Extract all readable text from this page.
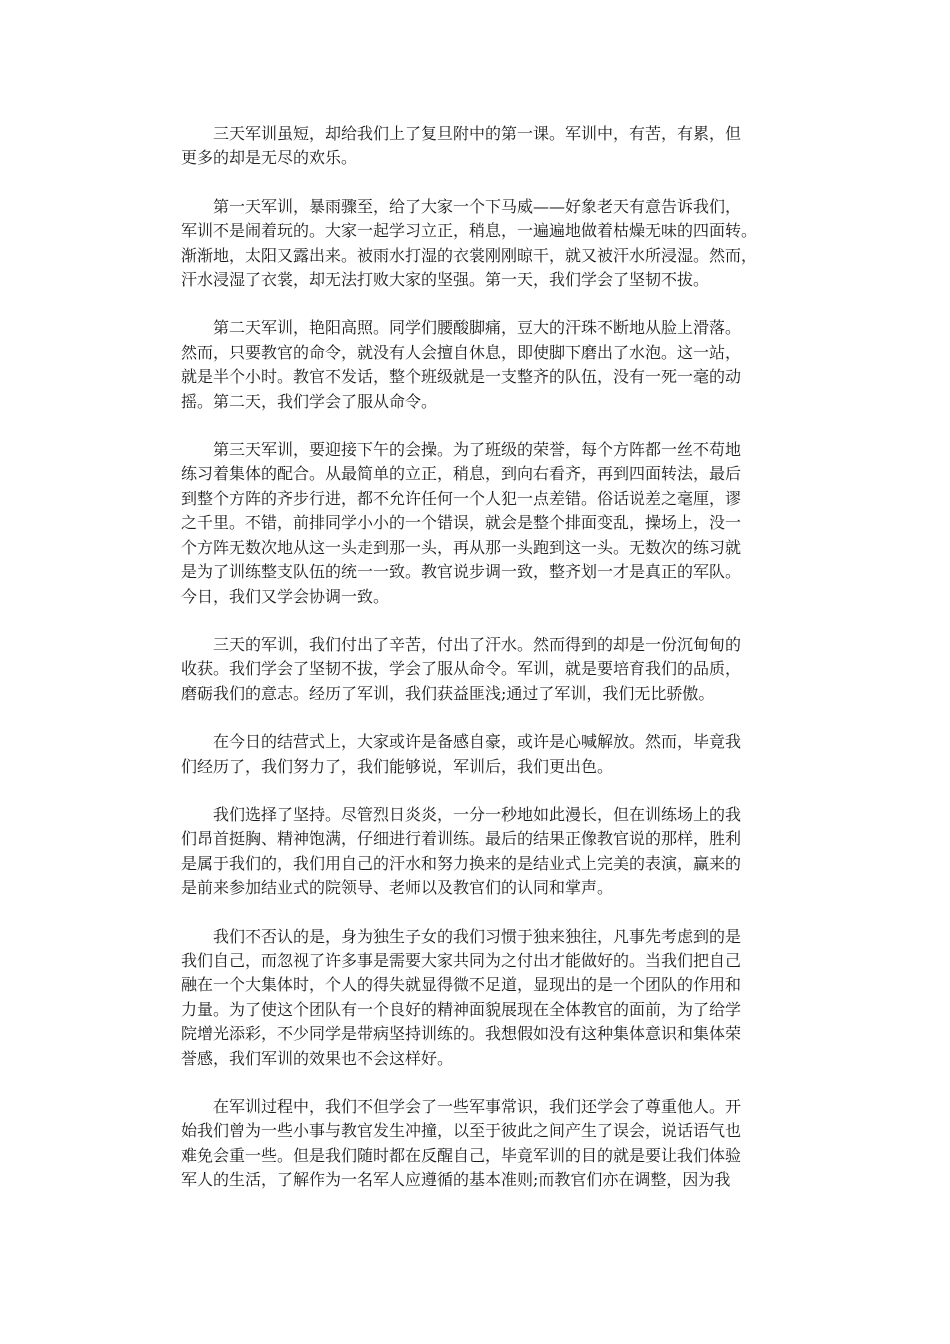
三天军训虽短，却给我们上了复旦附中的第一课。军训中，有苦，有累，但
更多的却是无尽的欢乐。

第一天军训，暴雨骤至，给了大家一个下马威——好象老天有意告诉我们，
军训不是闹着玩的。大家一起学习立正，稍息，一遍遍地做着枯燥无味的四面转。
渐渐地，太阳又露出来。被雨水打湿的衣裳刚刚晾干，就又被汗水所浸湿。然而，
汗水浸湿了衣裳，却无法打败大家的坚强。第一天，我们学会了坚韧不拔。

第二天军训，艳阳高照。同学们腰酸脚痛，豆大的汗珠不断地从脸上滑落。
然而，只要教官的命令，就没有人会擅自休息，即使脚下磨出了水泡。这一站，
就是半个小时。教官不发话，整个班级就是一支整齐的队伍，没有一死一毫的动
摇。第二天，我们学会了服从命令。

第三天军训，要迎接下午的会操。为了班级的荣誉，每个方阵都一丝不苟地
练习着集体的配合。从最简单的立正，稍息，到向右看齐，再到四面转法，最后
到整个方阵的齐步行进，都不允许任何一个人犯一点差错。俗话说差之毫厘，谬
之千里。不错，前排同学小小的一个错误，就会是整个排面变乱，操场上，没一
个方阵无数次地从这一头走到那一头，再从那一头跑到这一头。无数次的练习就
是为了训练整支队伍的统一一致。教官说步调一致，整齐划一才是真正的军队。
今日，我们又学会协调一致。

三天的军训，我们付出了辛苦，付出了汗水。然而得到的却是一份沉甸甸的
收获。我们学会了坚韧不拔，学会了服从命令。军训，就是要培育我们的品质，
磨砺我们的意志。经历了军训，我们获益匪浅;通过了军训，我们无比骄傲。

在今日的结营式上，大家或许是备感自豪，或许是心喊解放。然而，毕竟我
们经历了，我们努力了，我们能够说，军训后，我们更出色。

我们选择了坚持。尽管烈日炎炎，一分一秒地如此漫长，但在训练场上的我
们昂首挺胸、精神饱满，仔细进行着训练。最后的结果正像教官说的那样，胜利
是属于我们的，我们用自己的汗水和努力换来的是结业式上完美的表演，赢来的
是前来参加结业式的院领导、老师以及教官们的认同和掌声。

我们不否认的是，身为独生子女的我们习惯于独来独往，凡事先考虑到的是
我们自己，而忽视了许多事是需要大家共同为之付出才能做好的。当我们把自己
融在一个大集体时，个人的得失就显得微不足道，显现出的是一个团队的作用和
力量。为了使这个团队有一个良好的精神面貌展现在全体教官的面前，为了给学
院增光添彩，不少同学是带病坚持训练的。我想假如没有这种集体意识和集体荣
誉感，我们军训的效果也不会这样好。

在军训过程中，我们不但学会了一些军事常识，我们还学会了尊重他人。开
始我们曾为一些小事与教官发生冲撞，以至于彼此之间产生了误会，说话语气也
难免会重一些。但是我们随时都在反醒自己，毕竟军训的目的就是要让我们体验
军人的生活，了解作为一名军人应遵循的基本准则;而教官们亦在调整，因为我
